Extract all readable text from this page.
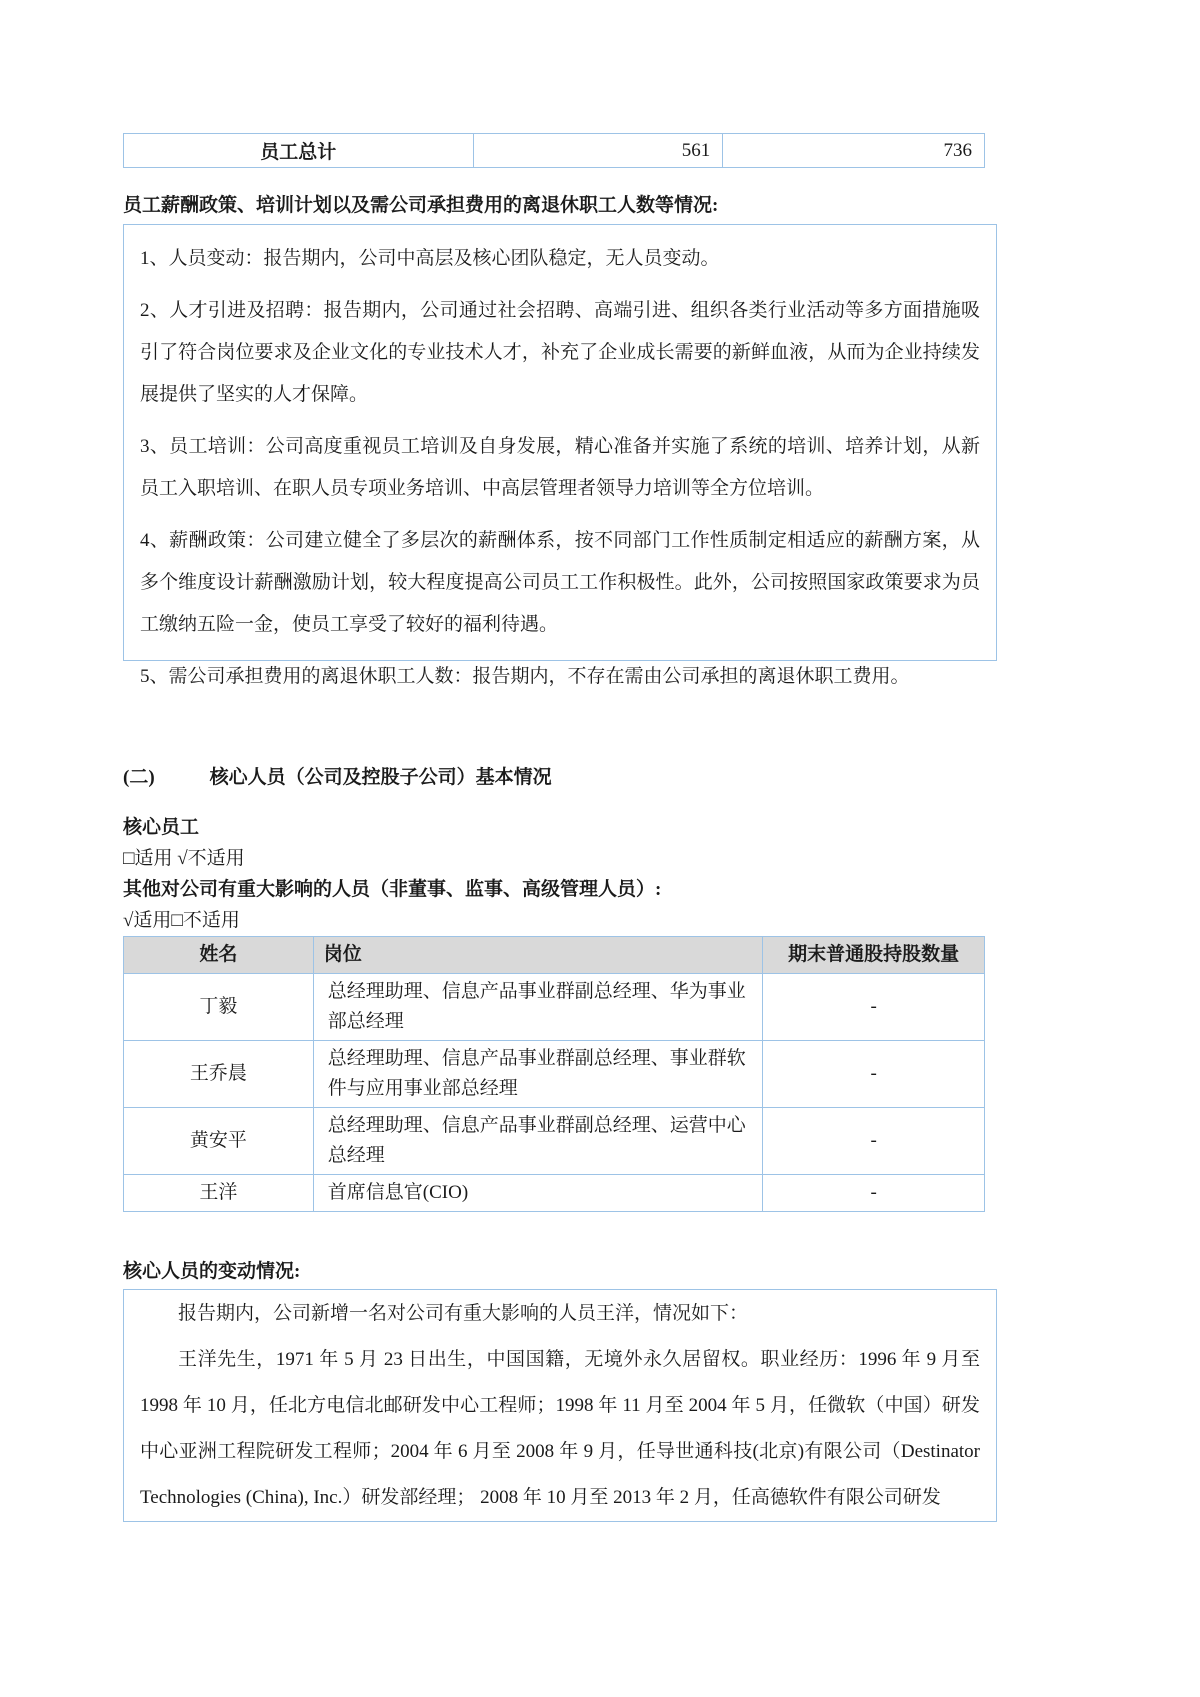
员工总计	561	736
员工薪酬政策、培训计划以及需公司承担费用的离退休职工人数等情况:

1、人员变动：报告期内，公司中高层及核心团队稳定，无人员变动。

2、人才引进及招聘：报告期内，公司通过社会招聘、高端引进、组织各类行业活动等多方面措施吸引了符合岗位要求及企业文化的专业技术人才，补充了企业成长需要的新鲜血液，从而为企业持续发展提供了坚实的人才保障。

3、员工培训：公司高度重视员工培训及自身发展，精心准备并实施了系统的培训、培养计划，从新员工入职培训、在职人员专项业务培训、中高层管理者领导力培训等全方位培训。

4、薪酬政策：公司建立健全了多层次的薪酬体系，按不同部门工作性质制定相适应的薪酬方案，从多个维度设计薪酬激励计划，较大程度提高公司员工工作积极性。此外，公司按照国家政策要求为员工缴纳五险一金，使员工享受了较好的福利待遇。

5、需公司承担费用的离退休职工人数：报告期内，不存在需由公司承担的离退休职工费用。

(二)	核心人员（公司及控股子公司）基本情况
核心员工
□适用 √不适用
其他对公司有重大影响的人员（非董事、监事、高级管理人员）:
√适用□不适用
姓名	岗位	期末普通股持股数量
丁毅	总经理助理、信息产品事业群副总经理、华为事业部总经理	-
王乔晨	总经理助理、信息产品事业群副总经理、事业群软件与应用事业部总经理	-
黄安平	总经理助理、信息产品事业群副总经理、运营中心总经理	-
王洋	首席信息官(CIO)	-
核心人员的变动情况:

报告期内，公司新增一名对公司有重大影响的人员王洋，情况如下：

王洋先生，1971 年 5 月 23 日出生，中国国籍，无境外永久居留权。职业经历：1996 年 9 月至 1998 年 10 月，任北方电信北邮研发中心工程师；1998 年 11 月至 2004 年 5 月，任微软（中国）研发中心亚洲工程院研发工程师；2004 年 6 月至 2008 年 9 月，任导世通科技(北京)有限公司（Destinator Technologies (China), Inc.）研发部经理； 2008 年 10 月至 2013 年 2 月，任高德软件有限公司研发
